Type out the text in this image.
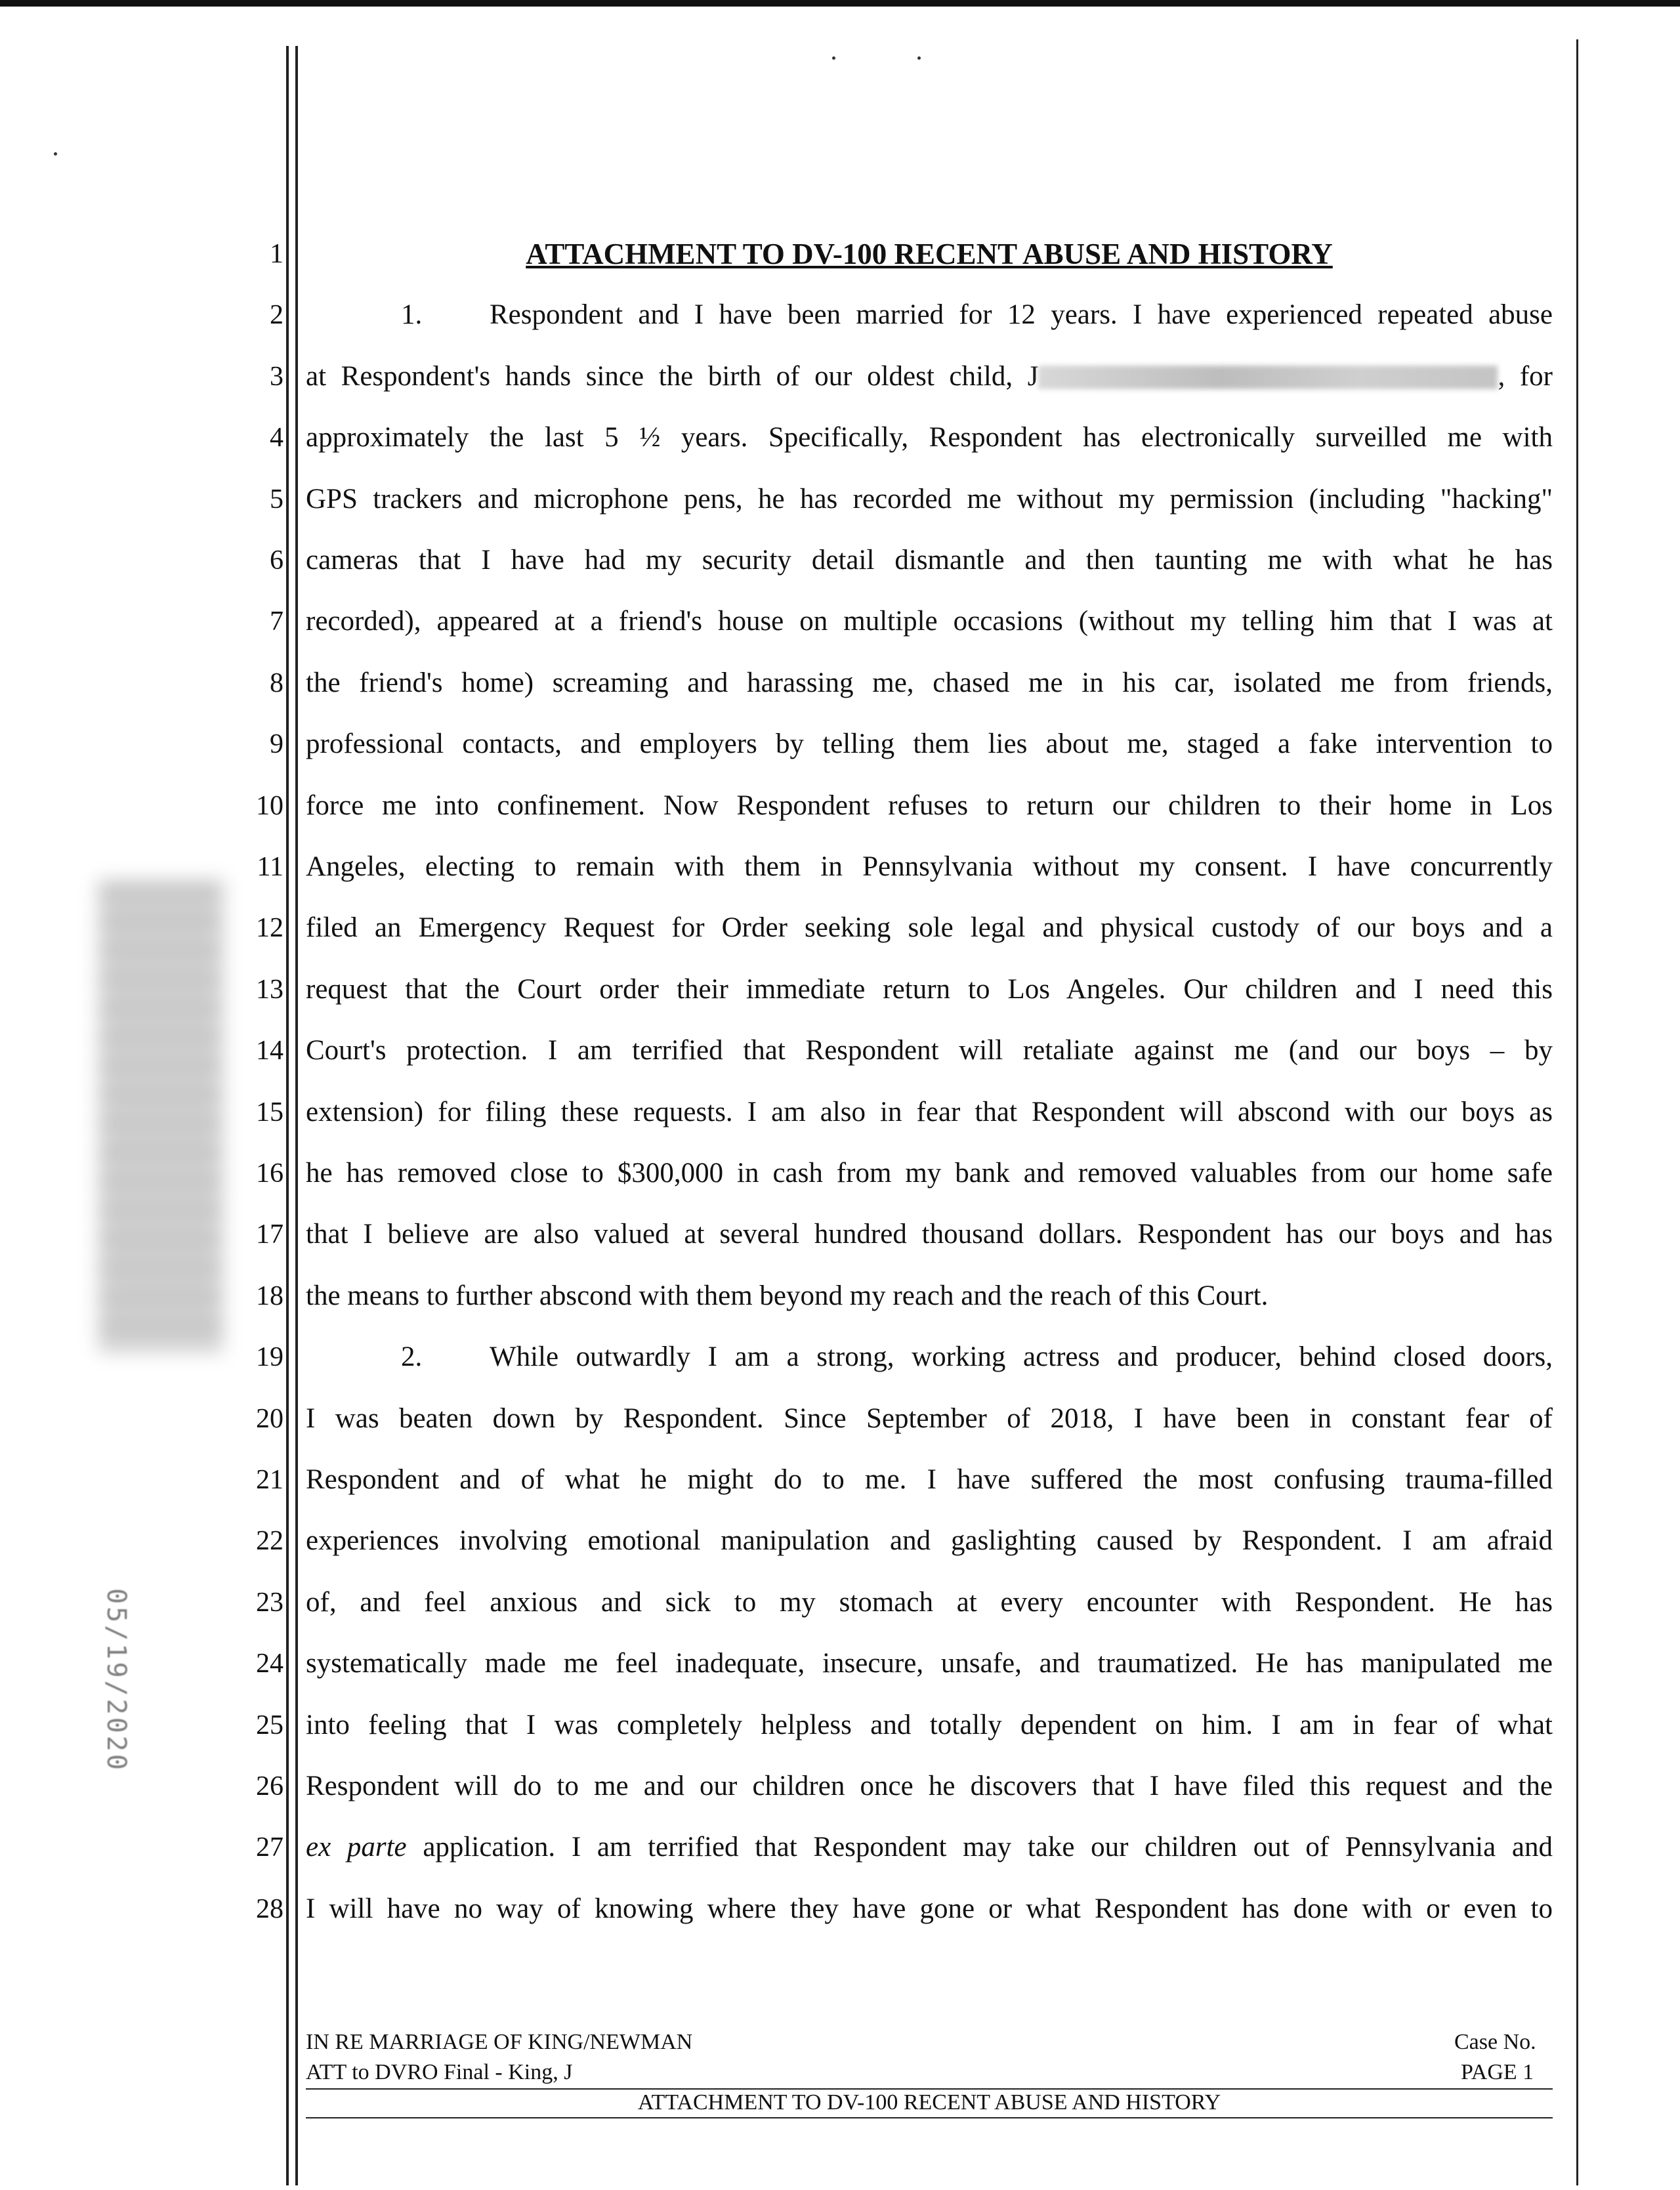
05/19/2020
1	ATTACHMENT TO DV-100 RECENT ABUSE AND HISTORY
2	1. Respondent and I have been married for 12 years. I have experienced repeated abuse
3 at Respondent's hands since the birth of our oldest child, J	, for
4 approximately the last 5 ½ years. Specifically, Respondent has electronically surveilled me with
5 GPS trackers and microphone pens, he has recorded me without my permission (including "hacking"
6 cameras that I have had my security detail dismantle and then taunting me with what he has
7 recorded), appeared at a friend's house on multiple occasions (without my telling him that I was at
8 the friend's home) screaming and harassing me, chased me in his car, isolated me from friends,
9 professional contacts, and employers by telling them lies about me, staged a fake intervention to
10 force me into confinement. Now Respondent refuses to return our children to their home in Los
11 Angeles, electing to remain with them in Pennsylvania without my consent. I have concurrently
12 filed an Emergency Request for Order seeking sole legal and physical custody of our boys and a
13 request that the Court order their immediate return to Los Angeles. Our children and I need this
14 Court's protection. I am terrified that Respondent will retaliate against me (and our boys – by
15 extension) for filing these requests. I am also in fear that Respondent will abscond with our boys as
16 he has removed close to $300,000 in cash from my bank and removed valuables from our home safe
17 that I believe are also valued at several hundred thousand dollars. Respondent has our boys and has
18 the means to further abscond with them beyond my reach and the reach of this Court.
19	2. While outwardly I am a strong, working actress and producer, behind closed doors,
20 I was beaten down by Respondent. Since September of 2018, I have been in constant fear of
21 Respondent and of what he might do to me. I have suffered the most confusing trauma-filled
22 experiences involving emotional manipulation and gaslighting caused by Respondent. I am afraid
23 of, and feel anxious and sick to my stomach at every encounter with Respondent. He has
24 systematically made me feel inadequate, insecure, unsafe, and traumatized. He has manipulated me
25 into feeling that I was completely helpless and totally dependent on him. I am in fear of what
26 Respondent will do to me and our children once he discovers that I have filed this request and the
27 ex parte application. I am terrified that Respondent may take our children out of Pennsylvania and
28 I will have no way of knowing where they have gone or what Respondent has done with or even to
IN RE MARRIAGE OF KING/NEWMAN
ATT to DVRO Final - King, J
Case No.
PAGE 1
ATTACHMENT TO DV-100 RECENT ABUSE AND HISTORY
